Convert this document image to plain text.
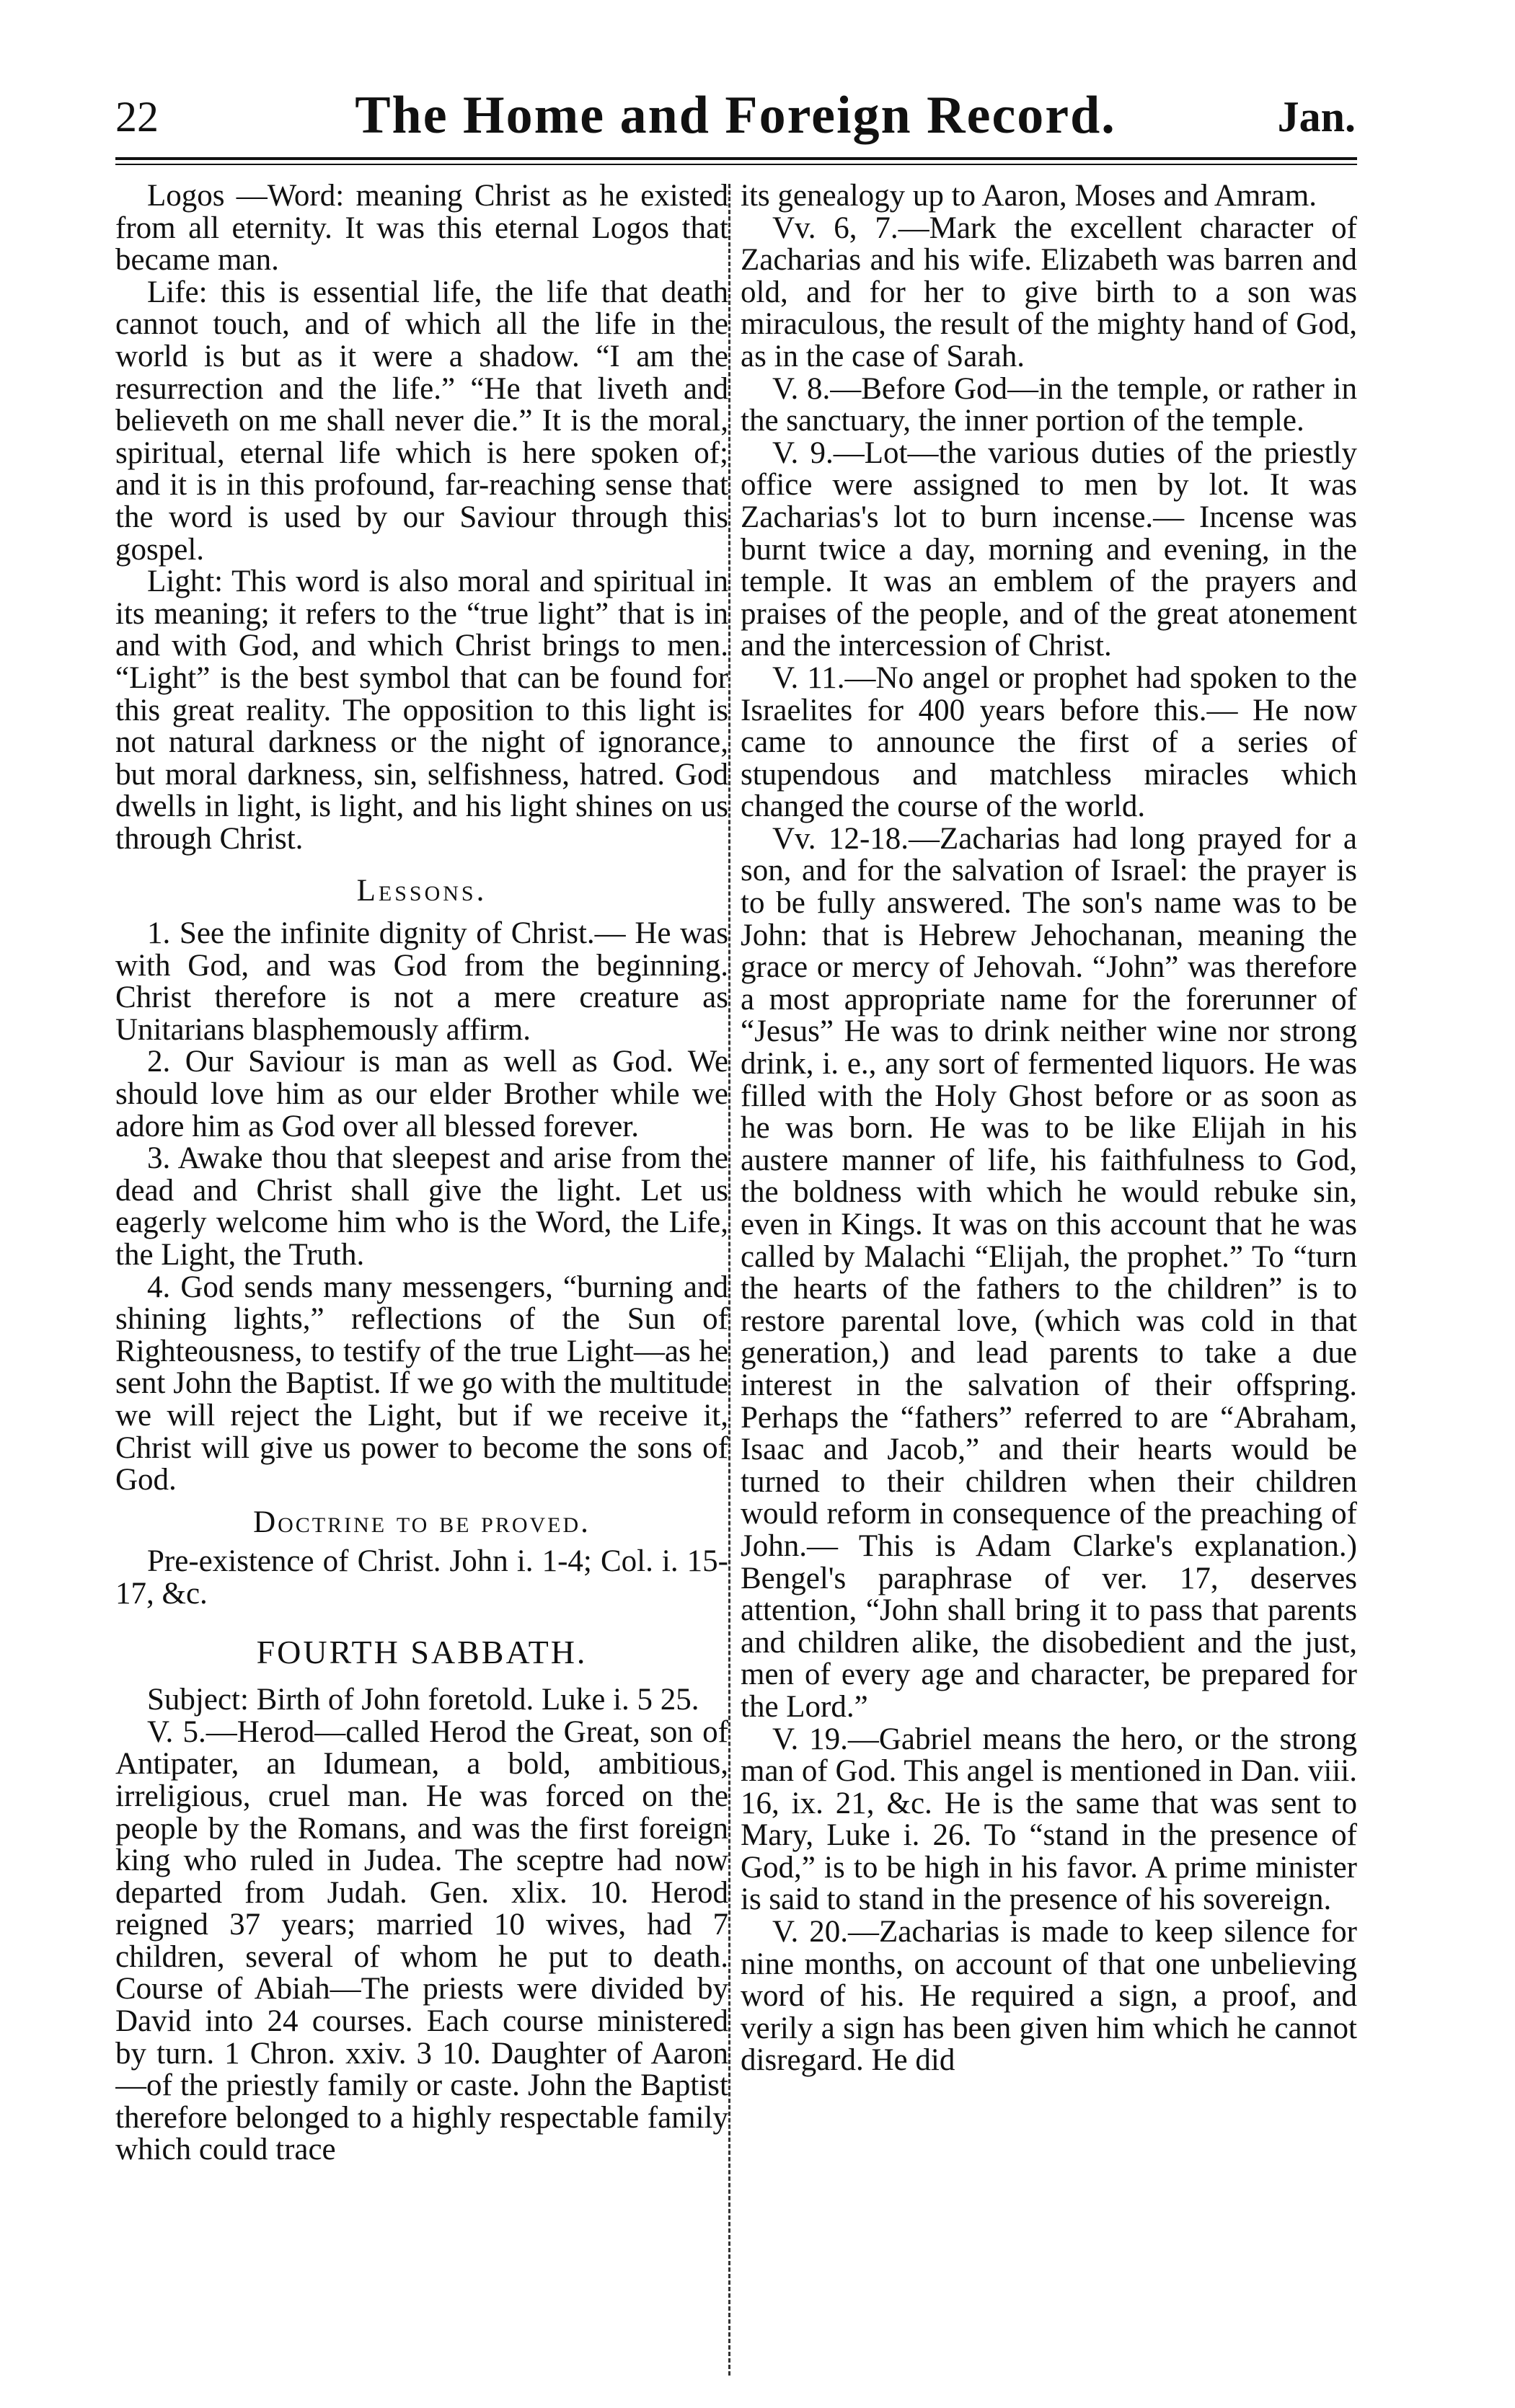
22	The Home and Foreign Record.	Jan.

Logos —Word: meaning Christ as he existed from all eternity. It was this eternal Logos that became man.

Life: this is essential life, the life that death cannot touch, and of which all the life in the world is but as it were a shadow. “I am the resurrection and the life.” “He that liveth and believeth on me shall never die.” It is the moral, spiritual, eternal life which is here spoken of; and it is in this profound, far-reaching sense that the word is used by our Saviour through this gospel.

Light: This word is also moral and spiritual in its meaning; it refers to the “true light” that is in and with God, and which Christ brings to men. “Light” is the best symbol that can be found for this great reality. The opposition to this light is not natural darkness or the night of ignorance, but moral darkness, sin, selfishness, hatred. God dwells in light, is light, and his light shines on us through Christ.

Lessons.

1. See the infinite dignity of Christ.— He was with God, and was God from the beginning. Christ therefore is not a mere creature as Unitarians blasphemously affirm.

2. Our Saviour is man as well as God. We should love him as our elder Brother while we adore him as God over all blessed forever.

3. Awake thou that sleepest and arise from the dead and Christ shall give the light. Let us eagerly welcome him who is the Word, the Life, the Light, the Truth.

4. God sends many messengers, “burning and shining lights,” reflections of the Sun of Righteousness, to testify of the true Light—as he sent John the Baptist. If we go with the multitude we will reject the Light, but if we receive it, Christ will give us power to become the sons of God.

Doctrine to be proved.

Pre-existence of Christ. John i. 1-4; Col. i. 15-17, &c.

FOURTH SABBATH.

Subject: Birth of John foretold. Luke i. 5 25.

V. 5.—Herod—called Herod the Great, son of Antipater, an Idumean, a bold, ambitious, irreligious, cruel man. He was forced on the people by the Romans, and was the first foreign king who ruled in Judea. The sceptre had now departed from Judah. Gen. xlix. 10. Herod reigned 37 years; married 10 wives, had 7 children, several of whom he put to death. Course of Abiah—The priests were divided by David into 24 courses. Each course ministered by turn. 1 Chron. xxiv. 3 10. Daughter of Aaron—of the priestly family or caste. John the Baptist therefore belonged to a highly respectable family which could trace

its genealogy up to Aaron, Moses and Amram.

Vv. 6, 7.—Mark the excellent character of Zacharias and his wife. Elizabeth was barren and old, and for her to give birth to a son was miraculous, the result of the mighty hand of God, as in the case of Sarah.

V. 8.—Before God—in the temple, or rather in the sanctuary, the inner portion of the temple.

V. 9.—Lot—the various duties of the priestly office were assigned to men by lot. It was Zacharias's lot to burn incense.— Incense was burnt twice a day, morning and evening, in the temple. It was an emblem of the prayers and praises of the people, and of the great atonement and the intercession of Christ.

V. 11.—No angel or prophet had spoken to the Israelites for 400 years before this.— He now came to announce the first of a series of stupendous and matchless miracles which changed the course of the world.

Vv. 12-18.—Zacharias had long prayed for a son, and for the salvation of Israel: the prayer is to be fully answered. The son's name was to be John: that is Hebrew Jehochanan, meaning the grace or mercy of Jehovah. “John” was therefore a most appropriate name for the forerunner of “Jesus” He was to drink neither wine nor strong drink, i. e., any sort of fermented liquors. He was filled with the Holy Ghost before or as soon as he was born. He was to be like Elijah in his austere manner of life, his faithfulness to God, the boldness with which he would rebuke sin, even in Kings. It was on this account that he was called by Malachi “Elijah, the prophet.” To “turn the hearts of the fathers to the children” is to restore parental love, (which was cold in that generation,) and lead parents to take a due interest in the salvation of their offspring. Perhaps the “fathers” referred to are “Abraham, Isaac and Jacob,” and their hearts would be turned to their children when their children would reform in consequence of the preaching of John.— This is Adam Clarke's explanation.) Bengel's paraphrase of ver. 17, deserves attention, “John shall bring it to pass that parents and children alike, the disobedient and the just, men of every age and character, be prepared for the Lord.”

V. 19.—Gabriel means the hero, or the strong man of God. This angel is mentioned in Dan. viii. 16, ix. 21, &c. He is the same that was sent to Mary, Luke i. 26. To “stand in the presence of God,” is to be high in his favor. A prime minister is said to stand in the presence of his sovereign.

V. 20.—Zacharias is made to keep silence for nine months, on account of that one unbelieving word of his. He required a sign, a proof, and verily a sign has been given him which he cannot disregard. He did
